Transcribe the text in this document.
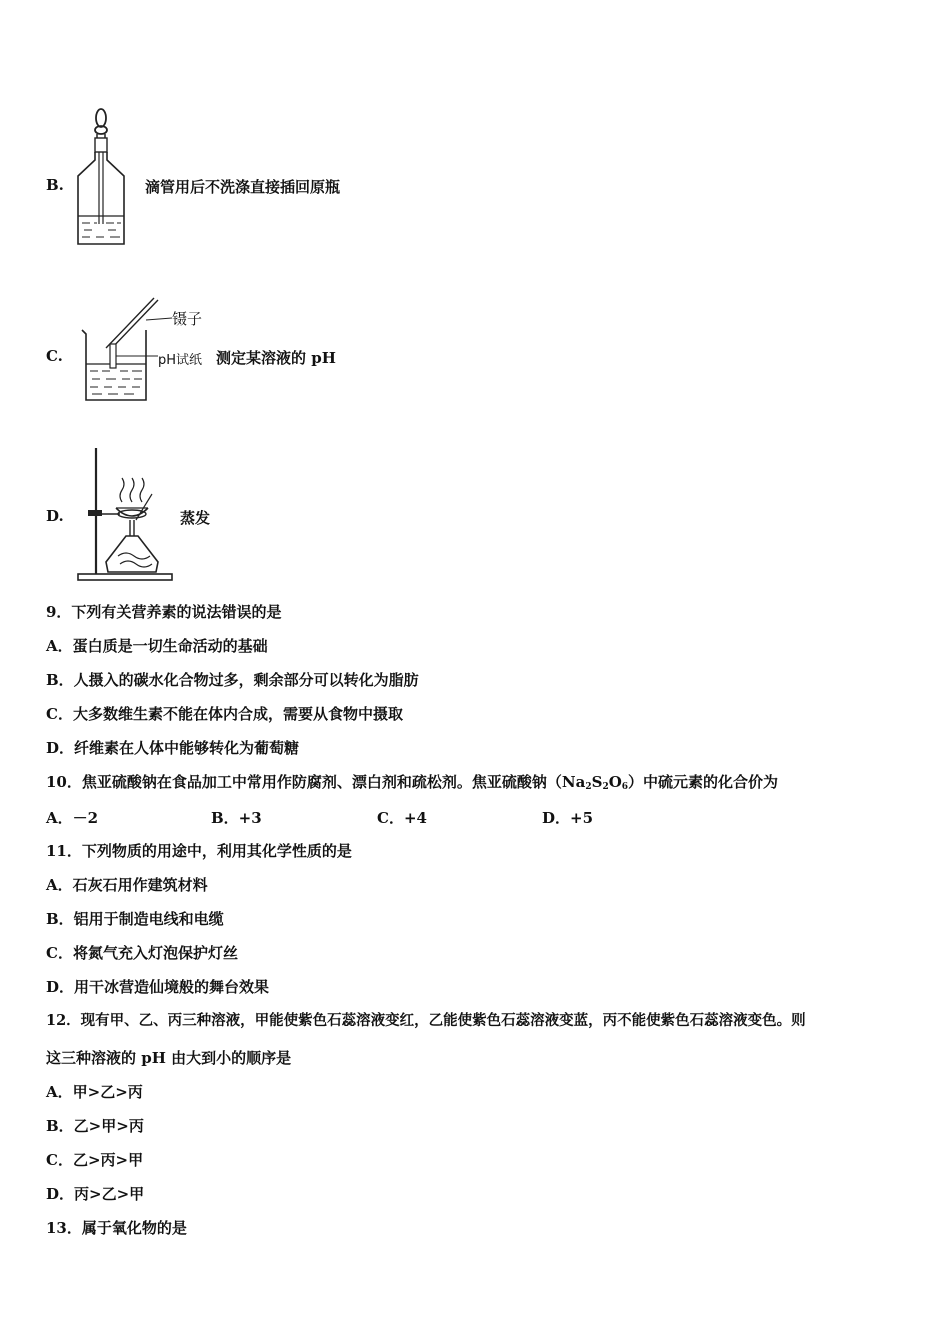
B.	滴管用后不洗涤直接插回原瓶
C.
镊子
pH试纸 测定某溶液的 pH
D.	蒸发
9．下列有关营养素的说法错误的是
A．蛋白质是一切生命活动的基础
B．人摄入的碳水化合物过多，剩余部分可以转化为脂肪
C．大多数维生素不能在体内合成，需要从食物中摄取
D．纤维素在人体中能够转化为葡萄糖
10．焦亚硫酸钠在食品加工中常用作防腐剂、漂白剂和疏松剂。焦亚硫酸钠$(Na_2S_2O_6)$中硫元素的化合价为
A．－2	B．+3	C．+4	D．+5
11．下列物质的用途中，利用其化学性质的是
A．石灰石用作建筑材料
B．铝用于制造电线和电缆
C．将氮气充入灯泡保护灯丝
D．用干冰营造仙境般的舞台效果
12．现有甲、乙、丙三种溶液，甲能使紫色石蕊溶液变红，乙能使紫色石蕊溶液变蓝，丙不能使紫色石蕊溶液变色。则
这三种溶液的 pH 由大到小的顺序是
A．甲>乙>丙
B．乙>甲>丙
C．乙>丙>甲
D．丙>乙>甲
13．属于氧化物的是
